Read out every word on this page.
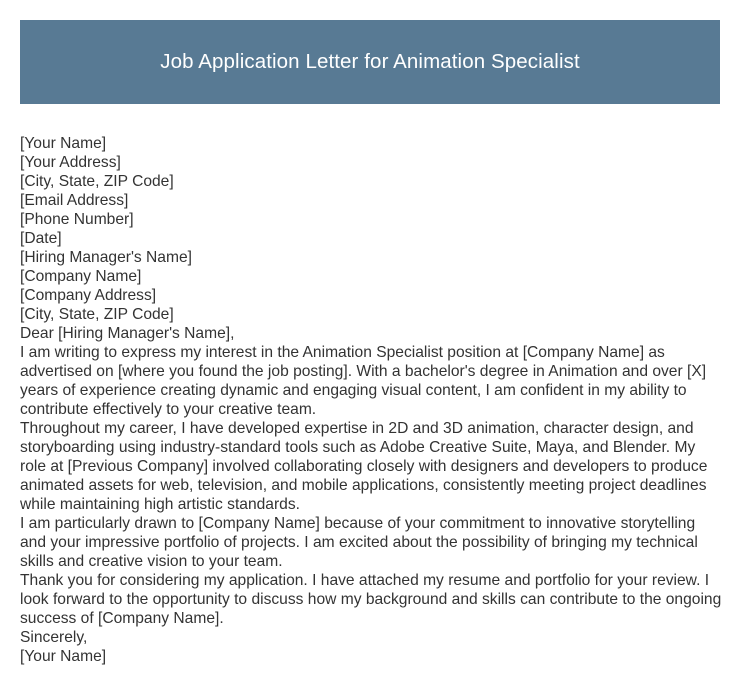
Job Application Letter for Animation Specialist
[Your Name]
[Your Address]
[City, State, ZIP Code]
[Email Address]
[Phone Number]
[Date]
[Hiring Manager's Name]
[Company Name]
[Company Address]
[City, State, ZIP Code]
Dear [Hiring Manager's Name],

I am writing to express my interest in the Animation Specialist position at [Company Name] as advertised on [where you found the job posting]. With a bachelor's degree in Animation and over [X] years of experience creating dynamic and engaging visual content, I am confident in my ability to contribute effectively to your creative team.

Throughout my career, I have developed expertise in 2D and 3D animation, character design, and storyboarding using industry-standard tools such as Adobe Creative Suite, Maya, and Blender. My role at [Previous Company] involved collaborating closely with designers and developers to produce animated assets for web, television, and mobile applications, consistently meeting project deadlines while maintaining high artistic standards.

I am particularly drawn to [Company Name] because of your commitment to innovative storytelling and your impressive portfolio of projects. I am excited about the possibility of bringing my technical skills and creative vision to your team.

Thank you for considering my application. I have attached my resume and portfolio for your review. I look forward to the opportunity to discuss how my background and skills can contribute to the ongoing success of [Company Name].

Sincerely,
[Your Name]
